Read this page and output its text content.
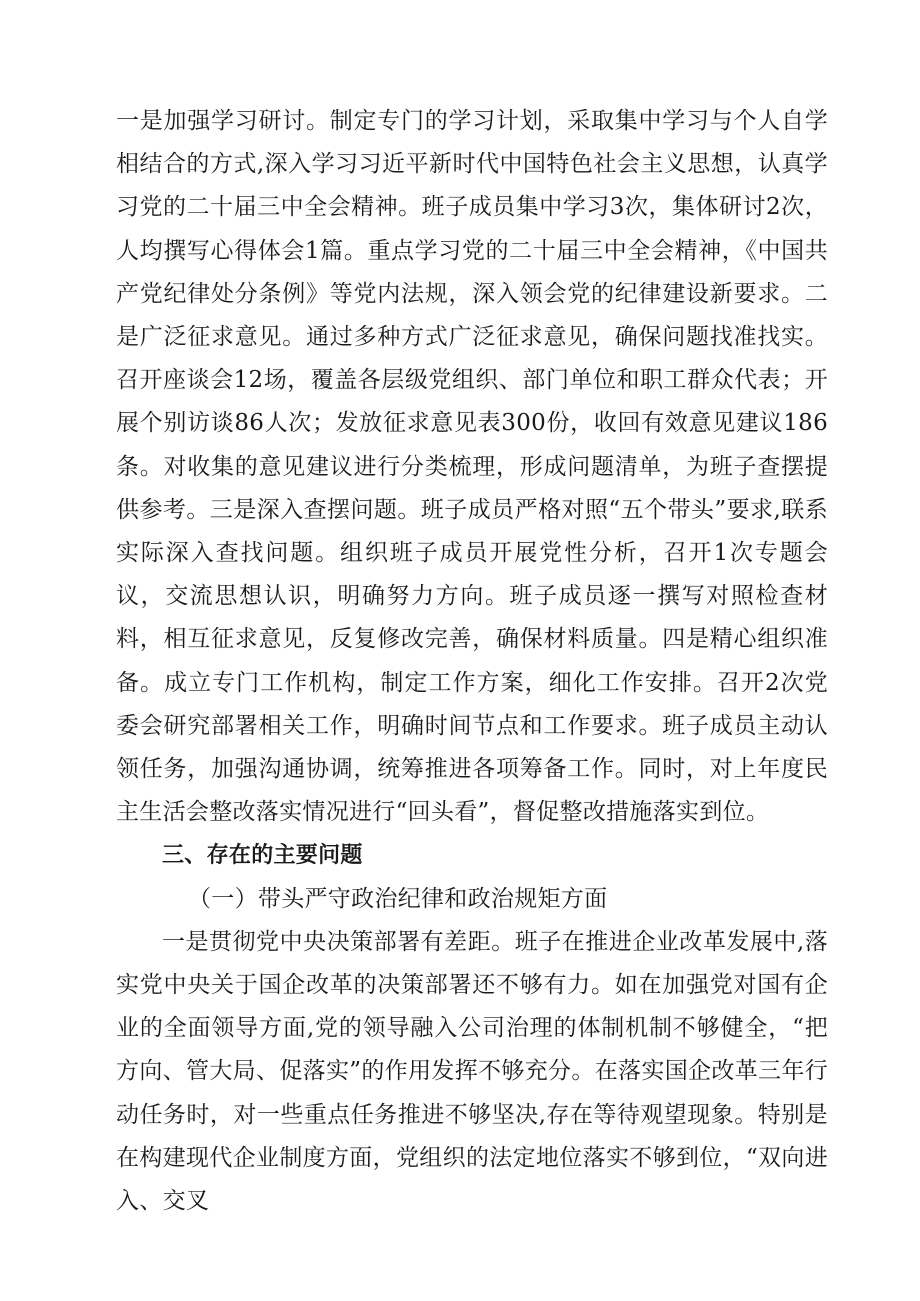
一是加强学习研讨。制定专门的学习计划，采取集中学习与个人自学相结合的方式,深入学习习近平新时代中国特色社会主义思想，认真学习党的二十届三中全会精神。班子成员集中学习3次，集体研讨2次，人均撰写心得体会1篇。重点学习党的二十届三中全会精神，《中国共产党纪律处分条例》等党内法规，深入领会党的纪律建设新要求。二是广泛征求意见。通过多种方式广泛征求意见，确保问题找准找实。召开座谈会12场，覆盖各层级党组织、部门单位和职工群众代表；开展个别访谈86人次；发放征求意见表300份，收回有效意见建议186条。对收集的意见建议进行分类梳理，形成问题清单，为班子查摆提供参考。三是深入查摆问题。班子成员严格对照“五个带头”要求,联系实际深入查找问题。组织班子成员开展党性分析，召开1次专题会议，交流思想认识，明确努力方向。班子成员逐一撰写对照检查材料，相互征求意见，反复修改完善，确保材料质量。四是精心组织准备。成立专门工作机构，制定工作方案，细化工作安排。召开2次党委会研究部署相关工作，明确时间节点和工作要求。班子成员主动认领任务，加强沟通协调，统筹推进各项筹备工作。同时，对上年度民主生活会整改落实情况进行“回头看”，督促整改措施落实到位。

三、存在的主要问题

（一）带头严守政治纪律和政治规矩方面

一是贯彻党中央决策部署有差距。班子在推进企业改革发展中,落实党中央关于国企改革的决策部署还不够有力。如在加强党对国有企业的全面领导方面,党的领导融入公司治理的体制机制不够健全，“把方向、管大局、促落实”的作用发挥不够充分。在落实国企改革三年行动任务时，对一些重点任务推进不够坚决,存在等待观望现象。特别是在构建现代企业制度方面，党组织的法定地位落实不够到位，“双向进入、交叉
